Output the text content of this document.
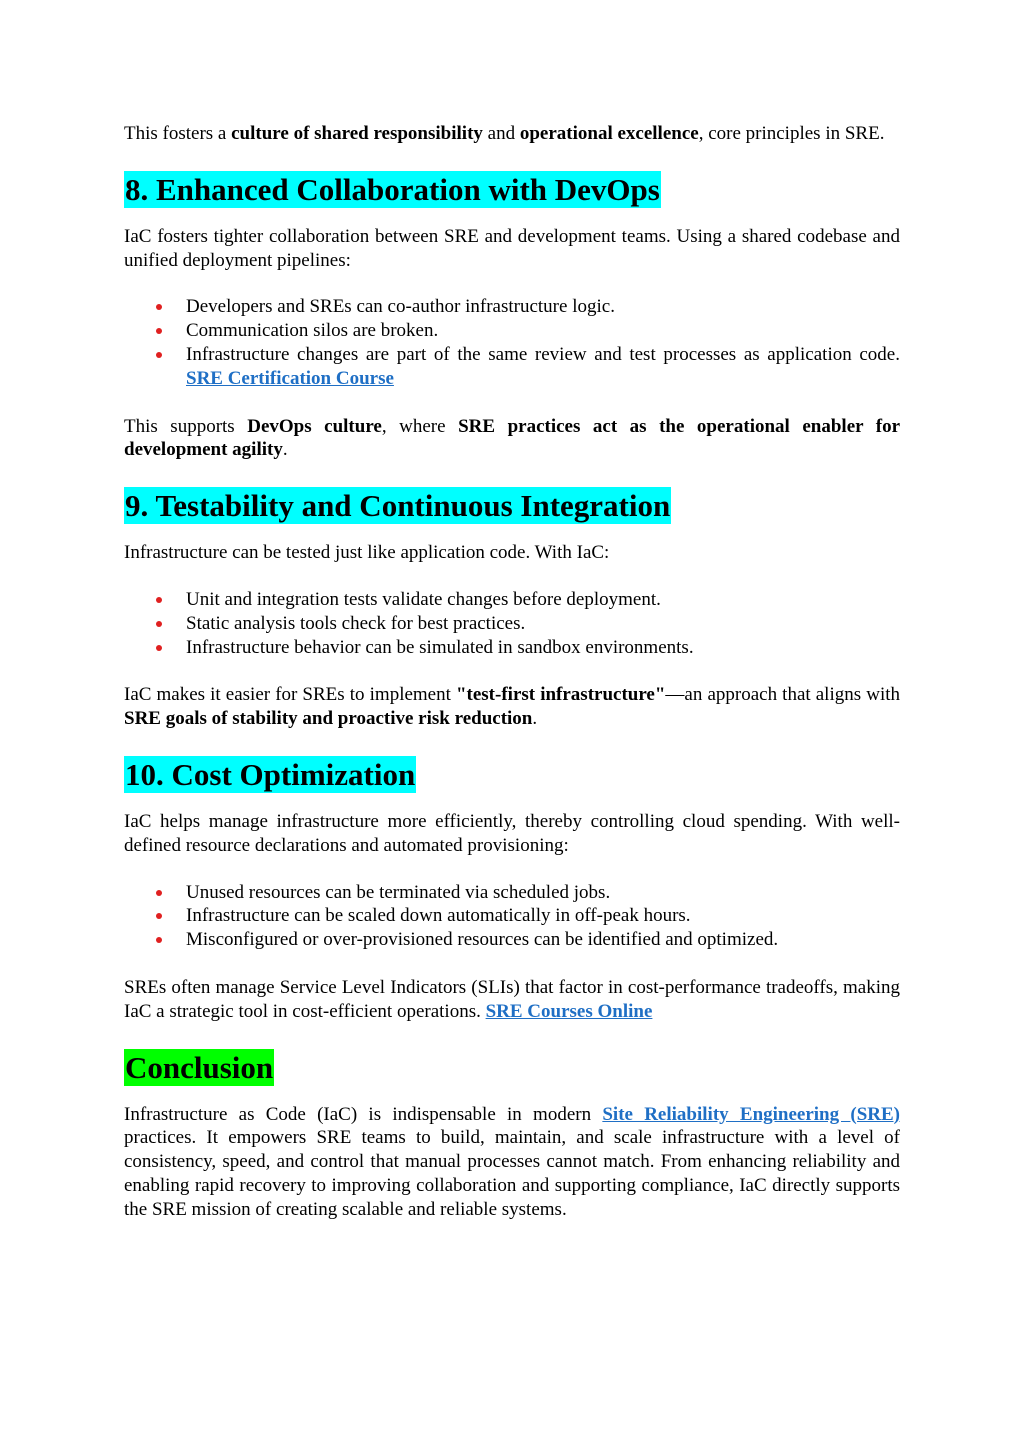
This fosters a culture of shared responsibility and operational excellence, core principles in SRE.

8. Enhanced Collaboration with DevOps

IaC fosters tighter collaboration between SRE and development teams. Using a shared codebase and unified deployment pipelines:

Developers and SREs can co-author infrastructure logic.
Communication silos are broken.
Infrastructure changes are part of the same review and test processes as application code. SRE Certification Course

This supports DevOps culture, where SRE practices act as the operational enabler for development agility.

9. Testability and Continuous Integration

Infrastructure can be tested just like application code. With IaC:

Unit and integration tests validate changes before deployment.
Static analysis tools check for best practices.
Infrastructure behavior can be simulated in sandbox environments.

IaC makes it easier for SREs to implement "test-first infrastructure"—an approach that aligns with SRE goals of stability and proactive risk reduction.

10. Cost Optimization

IaC helps manage infrastructure more efficiently, thereby controlling cloud spending. With well-defined resource declarations and automated provisioning:

Unused resources can be terminated via scheduled jobs.
Infrastructure can be scaled down automatically in off-peak hours.
Misconfigured or over-provisioned resources can be identified and optimized.

SREs often manage Service Level Indicators (SLIs) that factor in cost-performance tradeoffs, making IaC a strategic tool in cost-efficient operations. SRE Courses Online

Conclusion

Infrastructure as Code (IaC) is indispensable in modern Site Reliability Engineering (SRE) practices. It empowers SRE teams to build, maintain, and scale infrastructure with a level of consistency, speed, and control that manual processes cannot match. From enhancing reliability and enabling rapid recovery to improving collaboration and supporting compliance, IaC directly supports the SRE mission of creating scalable and reliable systems.
